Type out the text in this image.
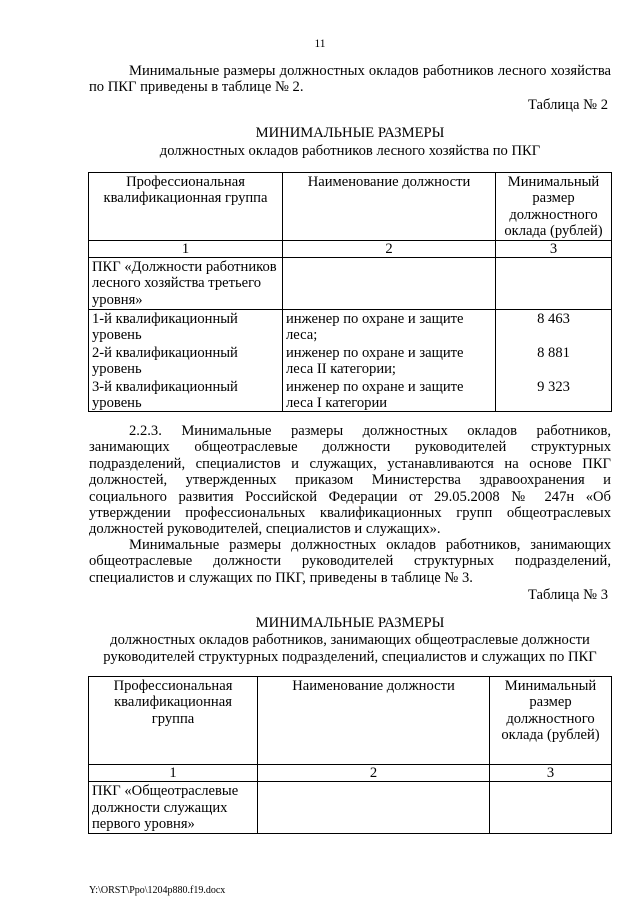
11
Минимальные размеры должностных окладов работников лесного хозяйства по ПКГ приведены в таблице № 2.
Таблица № 2
МИНИМАЛЬНЫЕ РАЗМЕРЫ
должностных окладов работников лесного хозяйства по ПКГ
Профессиональная квалификационная группа	Наименование должности	Минимальный размер должностного оклада (рублей)
1	2	3
ПКГ «Должности работников лесного хозяйства третьего уровня»		
1-й квалификационный уровень	инженер по охране и защите леса;	8 463
2-й квалификационный уровень	инженер по охране и защите леса II категории;	8 881
3-й квалификационный уровень	инженер по охране и защите леса I категории	9 323
2.2.3. Минимальные размеры должностных окладов работников, занимающих общеотраслевые должности руководителей структурных подразделений, специалистов и служащих, устанавливаются на основе ПКГ должностей, утвержденных приказом Министерства здравоохранения и социального развития Российской Федерации от 29.05.2008 № 247н «Об утверждении профессиональных квалификационных групп общеотраслевых должностей руководителей, специалистов и служащих».
Минимальные размеры должностных окладов работников, занимающих общеотраслевые должности руководителей структурных подразделений, специалистов и служащих по ПКГ, приведены в таблице № 3.
Таблица № 3
МИНИМАЛЬНЫЕ РАЗМЕРЫ
должностных окладов работников, занимающих общеотраслевые должности
руководителей структурных подразделений, специалистов и служащих по ПКГ
Профессиональная квалификационная группа	Наименование должности	Минимальный размер должностного оклада (рублей)
1	2	3
ПКГ «Общеотраслевые должности служащих первого уровня»		
Y:\ORST\Ppo\1204p880.f19.docx
